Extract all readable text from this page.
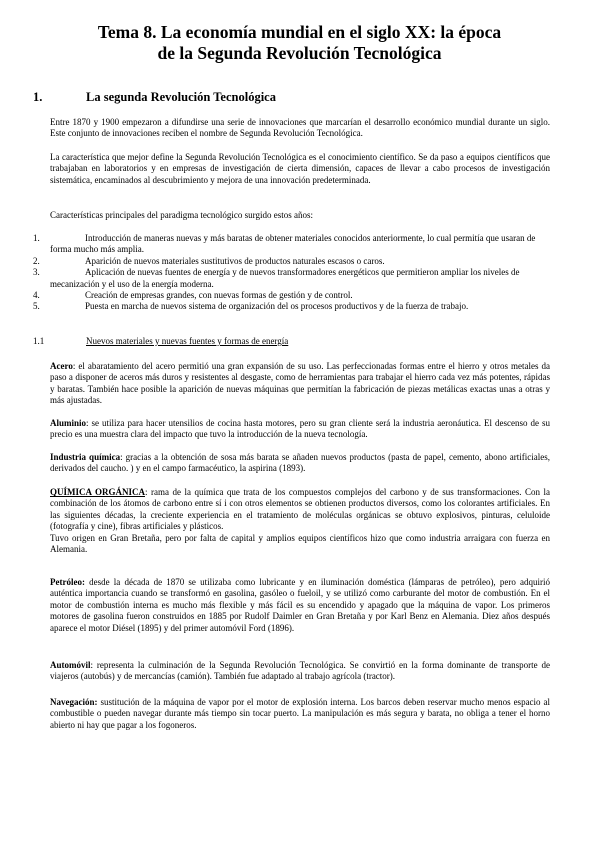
Tema 8. La economía mundial en el siglo XX: la época
de la Segunda Revolución Tecnológica
1.	La segunda Revolución Tecnológica
Entre 1870 y 1900 empezaron a difundirse una serie de innovaciones que marcarían el desarrollo económico mundial durante un siglo. Este conjunto de innovaciones reciben el nombre de Segunda Revolución Tecnológica.
La característica que mejor define la Segunda Revolución Tecnológica es el conocimiento científico. Se da paso a equipos científicos que trabajaban en laboratorios y en empresas de investigación de cierta dimensión, capaces de llevar a cabo procesos de investigación sistemática, encaminados al descubrimiento y mejora de una innovación predeterminada.
Características principales del paradigma tecnológico surgido estos años:
1.	Introducción de maneras nuevas y más baratas de obtener materiales conocidos anteriormente, lo cual permitía que usaran de forma mucho más amplia.
2.	Aparición de nuevos materiales sustitutivos de productos naturales escasos o caros.
3.	Aplicación de nuevas fuentes de energía y de nuevos transformadores energéticos que permitieron ampliar los niveles de mecanización y el uso de la energía moderna.
4.	Creación de empresas grandes, con nuevas formas de gestión y de control.
5.	Puesta en marcha de nuevos sistema de organización del os procesos productivos y de la fuerza de trabajo.
1.1	Nuevos materiales y nuevas fuentes y formas de energía
Acero: el abaratamiento del acero permitió una gran expansión de su uso. Las perfeccionadas formas entre el hierro y otros metales da paso a disponer de aceros más duros y resistentes al desgaste, como de herramientas para trabajar el hierro cada vez más potentes, rápidas y baratas. También hace posible la aparición de nuevas máquinas que permitían la fabricación de piezas metálicas exactas unas a otras y más ajustadas.
Aluminio: se utiliza para hacer utensilios de cocina hasta motores, pero su gran cliente será la industria aeronáutica. El descenso de su precio es una muestra clara del impacto que tuvo la introducción de la nueva tecnología.
Industria química: gracias a la obtención de sosa más barata se añaden nuevos productos (pasta de papel, cemento, abono artificiales, derivados del caucho. ) y en el campo farmacéutico, la aspirina (1893).
QUÍMICA ORGÁNICA: rama de la química que trata de los compuestos complejos del carbono y de sus transformaciones. Con la combinación de los átomos de carbono entre sí i con otros elementos se obtienen productos diversos, como los colorantes artificiales. En las siguientes décadas, la creciente experiencia en el tratamiento de moléculas orgánicas se obtuvo explosivos, pinturas, celuloide (fotografía y cine), fibras artificiales y plásticos.
Tuvo origen en Gran Bretaña, pero por falta de capital y amplios equipos científicos hizo que como industria arraigara con fuerza en Alemania.
Petróleo: desde la década de 1870 se utilizaba como lubricante y en iluminación doméstica (lámparas de petróleo), pero adquirió auténtica importancia cuando se transformó en gasolina, gasóleo o fueloil, y se utilizó como carburante del motor de combustión. En el motor de combustión interna es mucho más flexible y más fácil es su encendido y apagado que la máquina de vapor. Los primeros motores de gasolina fueron construidos en 1885 por Rudolf Daimler en Gran Bretaña y por Karl Benz en Alemania. Diez años después aparece el motor Diésel (1895) y del primer automóvil Ford (1896).
Automóvil: representa la culminación de la Segunda Revolución Tecnológica. Se convirtió en la forma dominante de transporte de viajeros (autobús) y de mercancías (camión). También fue adaptado al trabajo agrícola (tractor).
Navegación: sustitución de la máquina de vapor por el motor de explosión interna. Los barcos deben reservar mucho menos espacio al combustible o pueden navegar durante más tiempo sin tocar puerto. La manipulación es más segura y barata, no obliga a tener el horno abierto ni hay que pagar a los fogoneros.
